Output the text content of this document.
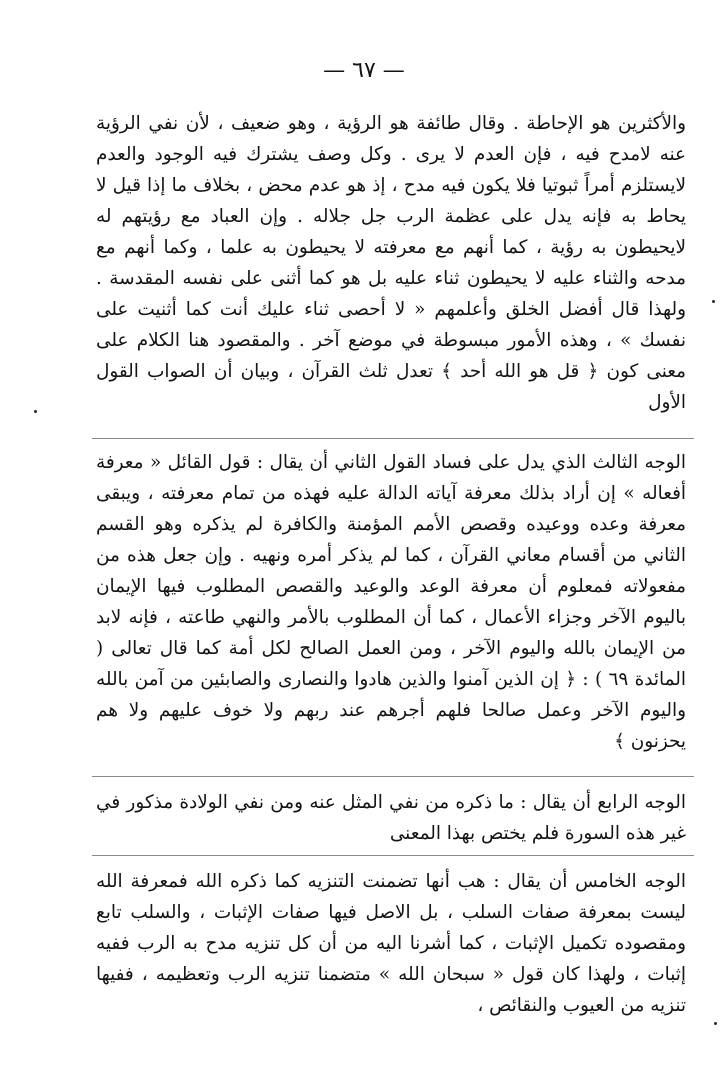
— ٦٧ —

والأكثرين هو الإحاطة . وقال طائفة هو الرؤية ، وهو ضعيف ، لأن نفي الرؤية عنه لامدح فيه ، فإن العدم لا يرى . وكل وصف يشترك فيه الوجود والعدم لايستلزم أمراً ثبوتيا فلا يكون فيه مدح ، إذ هو عدم محض ، بخلاف ما إذا قيل لا يحاط به فإنه يدل على عظمة الرب جل جلاله . وإن العباد مع رؤيتهم له لايحيطون به رؤية ، كما أنهم مع معرفته لا يحيطون به علما ، وكما أنهم مع مدحه والثناء عليه لا يحيطون ثناء عليه بل هو كما أثنى على نفسه المقدسة . ولهذا قال أفضل الخلق وأعلمهم « لا أحصى ثناء عليك أنت كما أثنيت على نفسك » ، وهذه الأمور مبسوطة في موضع آخر . والمقصود هنا الكلام على معنى كون ﴿ قل هو الله أحد ﴾ تعدل ثلث القرآن ، وبيان أن الصواب القول الأول

الوجه الثالث الذي يدل على فساد القول الثاني أن يقال : قول القائل « معرفة أفعاله » إن أراد بذلك معرفة آياته الدالة عليه فهذه من تمام معرفته ، ويبقى معرفة وعده ووعيده وقصص الأمم المؤمنة والكافرة لم يذكره وهو القسم الثاني من أقسام معاني القرآن ، كما لم يذكر أمره ونهيه . وإن جعل هذه من مفعولاته فمعلوم أن معرفة الوعد والوعيد والقصص المطلوب فيها الإيمان باليوم الآخر وجزاء الأعمال ، كما أن المطلوب بالأمر والنهي طاعته ، فإنه لابد من الإيمان بالله واليوم الآخر ، ومن العمل الصالح لكل أمة كما قال تعالى ( المائدة ٦٩ ) : ﴿ إن الذين آمنوا والذين هادوا والنصارى والصابئين من آمن بالله واليوم الآخر وعمل صالحا فلهم أجرهم عند ربهم ولا خوف عليهم ولا هم يحزنون ﴾

الوجه الرابع أن يقال : ما ذكره من نفي المثل عنه ومن نفي الولادة مذكور في غير هذه السورة فلم يختص بهذا المعنى

الوجه الخامس أن يقال : هب أنها تضمنت التنزيه كما ذكره الله فمعرفة الله ليست بمعرفة صفات السلب ، بل الاصل فيها صفات الإثبات ، والسلب تابع ومقصوده تكميل الإثبات ، كما أشرنا اليه من أن كل تنزيه مدح به الرب ففيه إثبات ، ولهذا كان قول « سبحان الله » متضمنا تنزيه الرب وتعظيمه ، ففيها تنزيه من العيوب والنقائص ،
